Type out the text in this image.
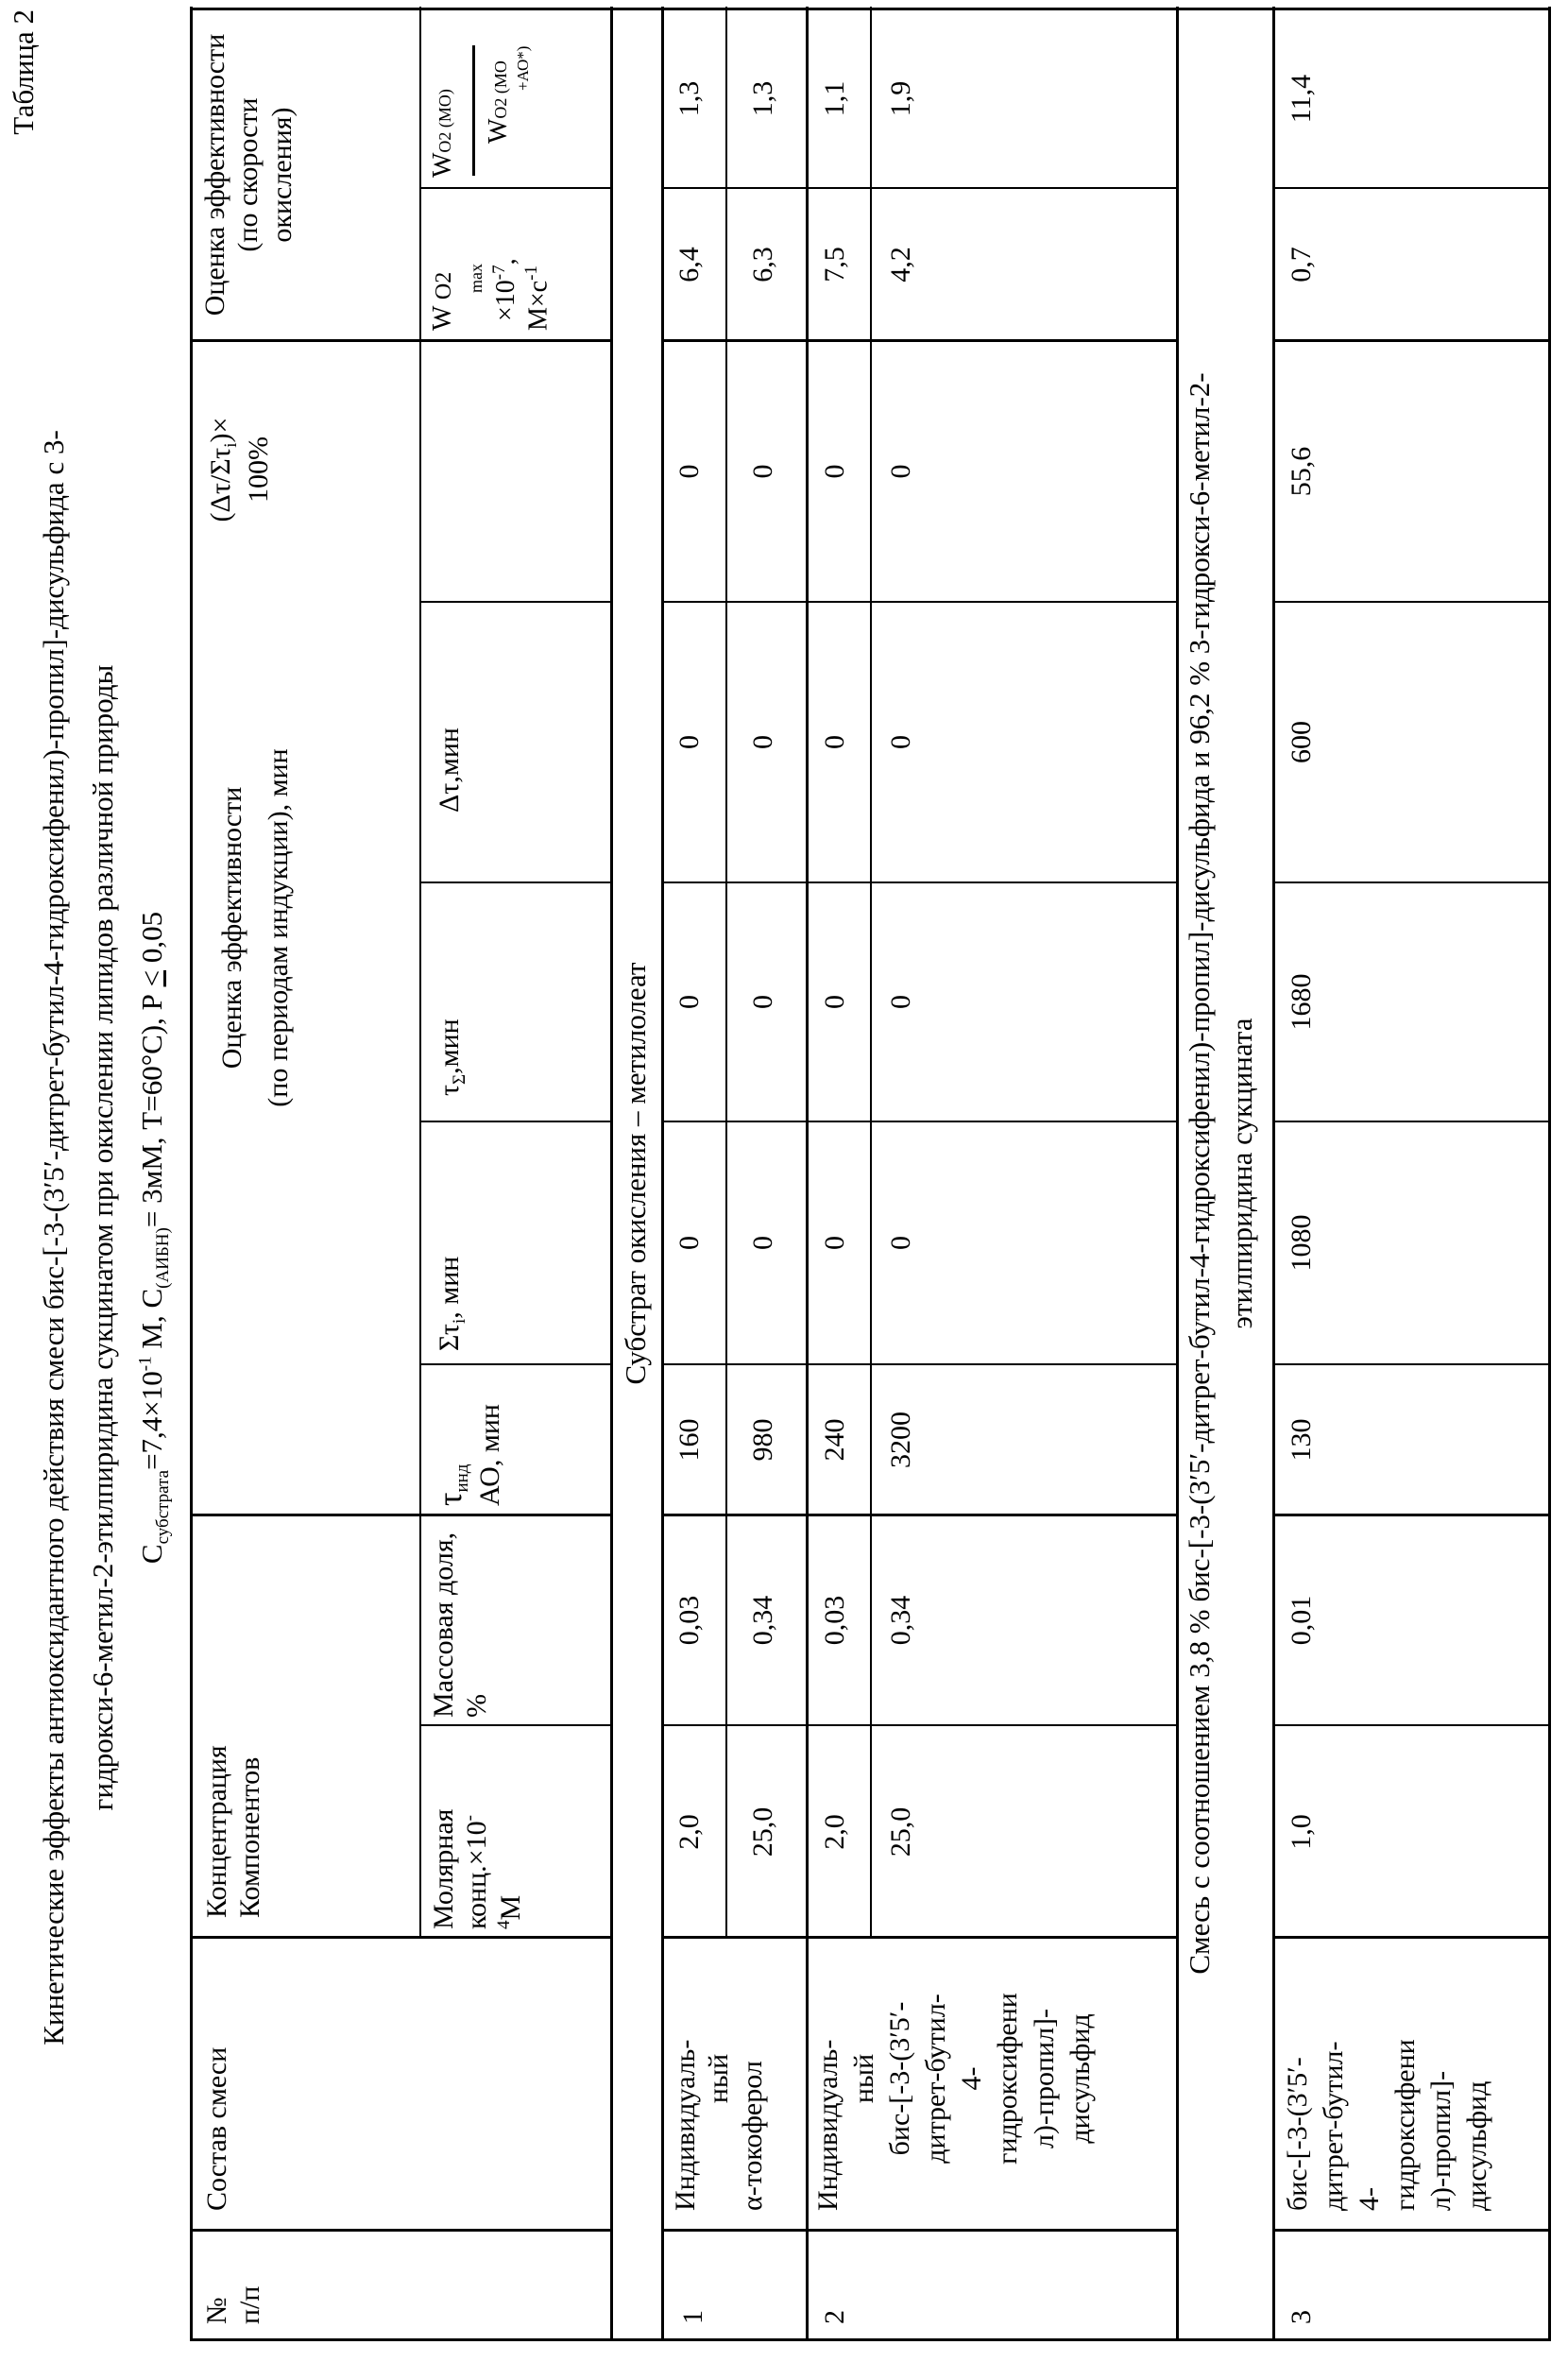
Таблица 2
Кинетические эффекты антиоксидантного действия смеси бис-[-3-(3′5′-дитрет-бутил-4-гидроксифенил)-пропил]-дисульфида с 3- гидрокси-6-метил-2-этилпиридина сукцинатом при окислении липидов различной природы Cсубстрата=7,4×10-1 М, C(АИБН)= 3мМ, Т=60°С), Р < 0,05
№ п/п
Состав смеси
Концентрация Компонентов	Молярная конц.×10-
4М
Массовая доля, %
Оценка эффективности (по периодам индукции), мин
τинд
АО, мин
Στi, мин
τΣ,мин
Δτ,мин
(Δτ/Στi)×
100%
Оценка эффективности (по скорости окисления)
W O2 max
×10-7,
М×с-1
WO2 (МО) WO2 (МО +АО*)
Субстрат окисления – метилолеат
1
Индивидуаль- ный α-токоферол
2,0
0,03
160
0
0
0
0
6,4
1,3
25,0
0,34
980
0
0
0
0
6,3
1,3
2
Индивидуаль- ный бис-[-3-(3′5′- дитрет-бутил- 4- гидроксифени л)-пропил]- дисульфид
2,0
0,03
240
0
0
0
0
7,5
1,1
25,0
0,34
3200
0
0
0
0
4,2
1,9
Смесь с соотношением 3,8 % бис-[-3-(3′5′-дитрет-бутил-4-гидроксифенил)-пропил]-дисульфида и 96,2 % 3-гидрокси-6-метил-2- этилпиридина сукцината
3
бис-[-3-(3′5′- дитрет-бутил- 4- гидроксифени л)-пропил]- дисульфид
1,0
0,01
130
1080
1680
600
55,6
0,7
11,4
